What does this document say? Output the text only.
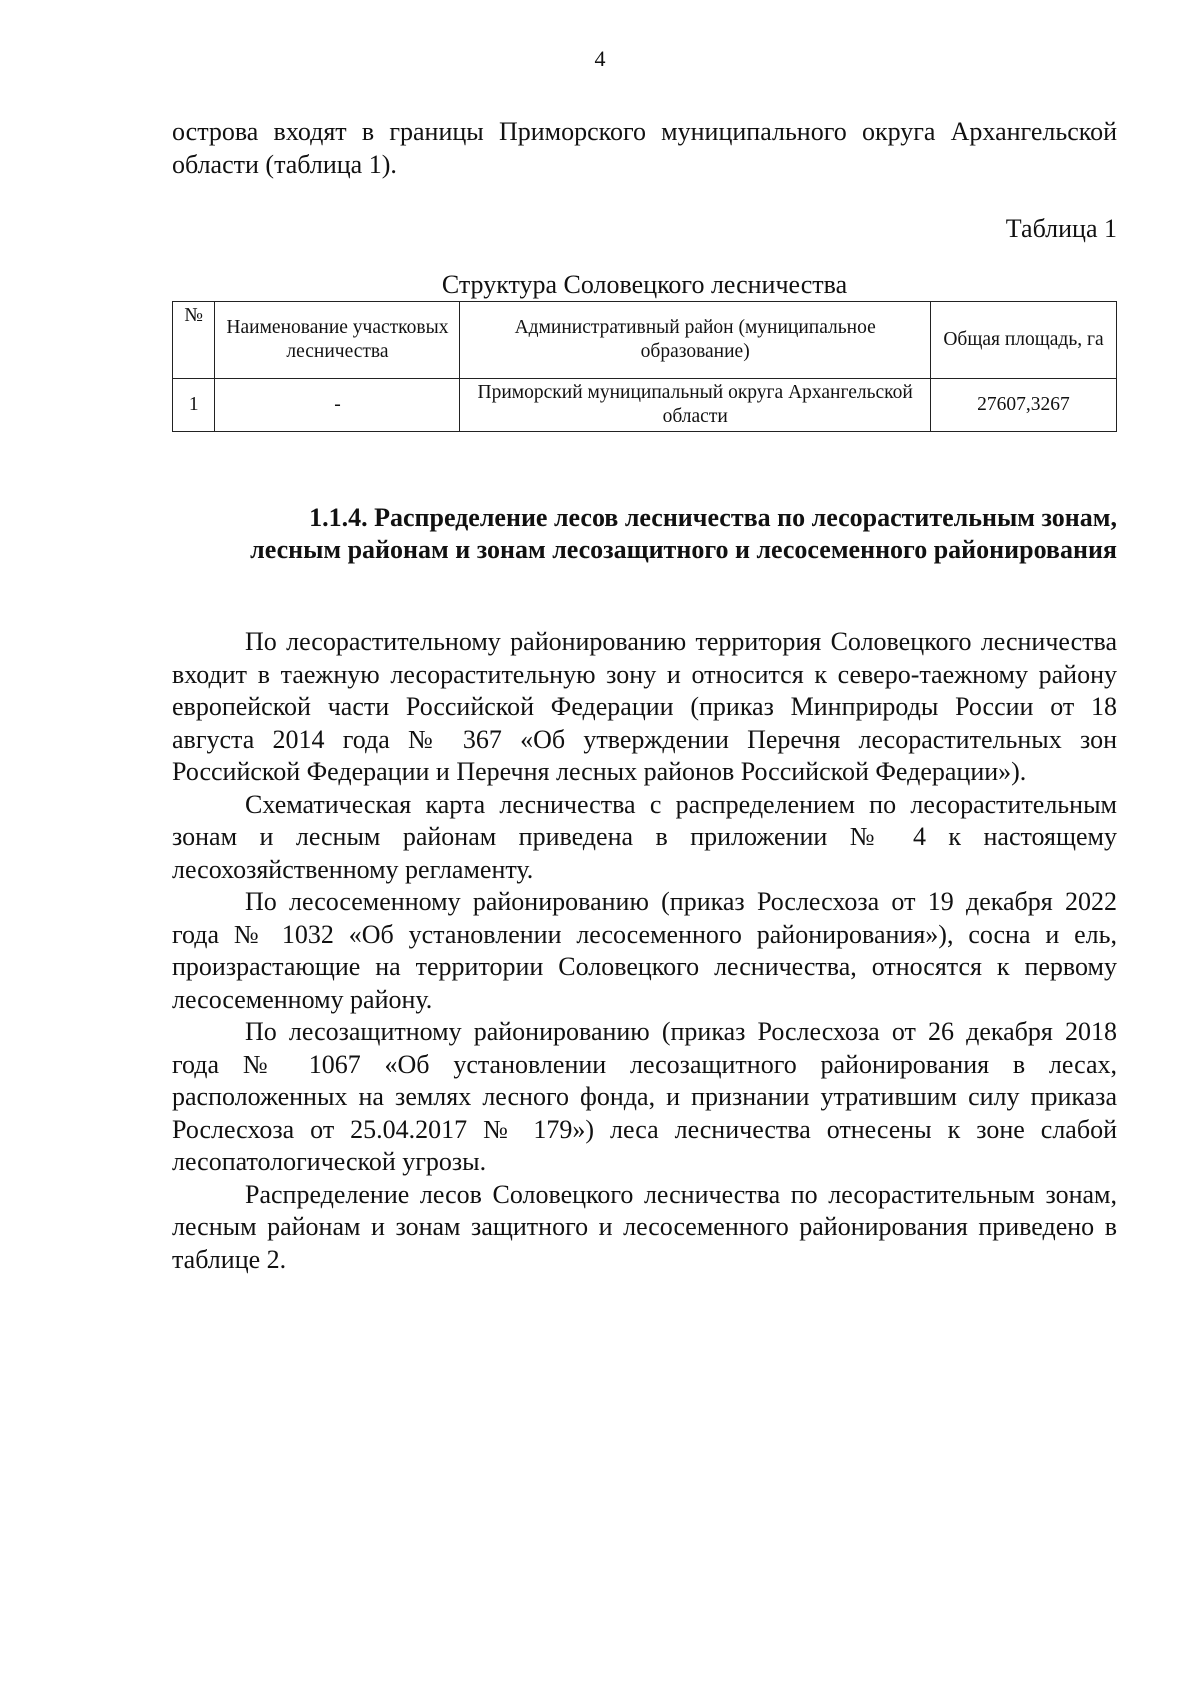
4

острова входят в границы Приморского муниципального округа Архангельской области (таблица 1).

Таблица 1
Структура Соловецкого лесничества
№	Наименование участковых лесничества	Административный район (муниципальное образование)	Общая площадь, га
1	-	Приморский муниципальный округа Архангельской области	27607,3267
1.1.4. Распределение лесов лесничества по лесорастительным зонам,
лесным районам и зонам лесозащитного и лесосеменного районирования

По лесорастительному районированию территория Соловецкого лесничества входит в таежную лесорастительную зону и относится к северо-таежному району европейской части Российской Федерации (приказ Минприроды России от 18 августа 2014 года № 367 «Об утверждении Перечня лесорастительных зон Российской Федерации и Перечня лесных районов Российской Федерации»).

Схематическая карта лесничества с распределением по лесорастительным зонам и лесным районам приведена в приложении № 4 к настоящему лесохозяйственному регламенту.

По лесосеменному районированию (приказ Рослесхоза от 19 декабря 2022 года № 1032 «Об установлении лесосеменного районирования»), сосна и ель, произрастающие на территории Соловецкого лесничества, относятся к первому лесосеменному району.

По лесозащитному районированию (приказ Рослесхоза от 26 декабря 2018 года № 1067 «Об установлении лесозащитного районирования в лесах, расположенных на землях лесного фонда, и признании утратившим силу приказа Рослесхоза от 25.04.2017 № 179») леса лесничества отнесены к зоне слабой лесопатологической угрозы.

Распределение лесов Соловецкого лесничества по лесорастительным зонам, лесным районам и зонам защитного и лесосеменного районирования приведено в таблице 2.
